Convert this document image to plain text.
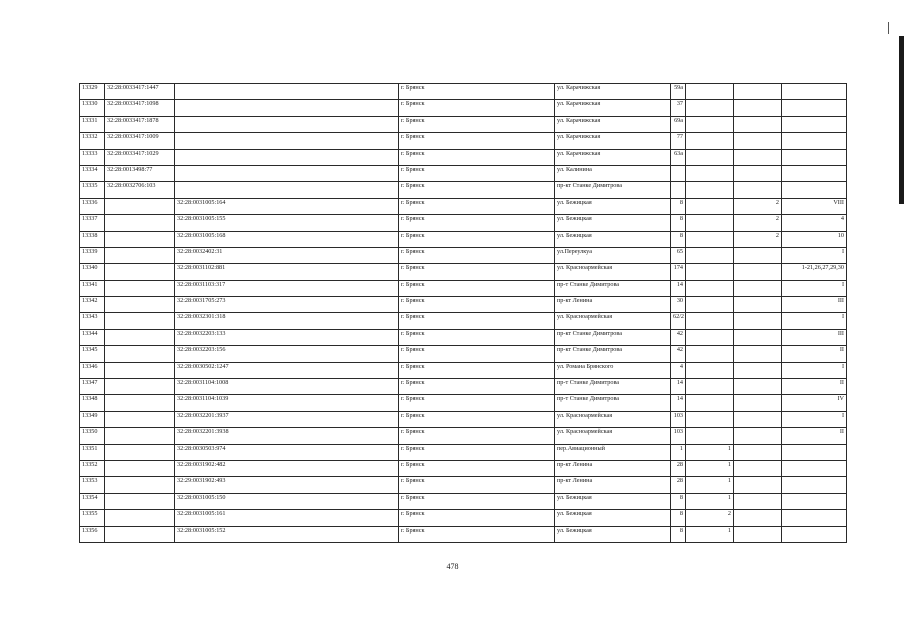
13329	32:28:0033417:1447		г. Брянск	ул. Карачижская	59а			
13330	32:28:0033417:1098		г. Брянск	ул. Карачижская	37			
13331	32:28:0033417:1878		г. Брянск	ул. Карачижская	69а			
13332	32:28:0033417:1009		г. Брянск	ул. Карачижская	77			
13333	32:28:0033417:1029		г. Брянск	ул. Карачижская	63а			
13334	32:28:0013498:77		г. Брянск	ул. Калинина				
13335	32:28:0032706:103		г. Брянск	пр-кт Станке Димитрова				
13336		32:28:0031005:164	г. Брянск	ул. Бежицкая	8		2	VIII
13337		32:28:0031005:155	г. Брянск	ул. Бежицкая	8		2	4
13338		32:28:0031005:168	г. Брянск	ул. Бежицкая	8		2	10
13339		32:28:0032402:31	г. Брянск	ул.Переулкуа	65			I
13340		32:28:0031102:881	г. Брянск	ул. Красноармейская	174			1-21,26,27,29,30
13341		32:28:0031103:317	г. Брянск	пр-т Станке Димитрова	14			I
13342		32:28:0031705:273	г. Брянск	пр-кт Ленина	30			III
13343		32:28:0032301:318	г. Брянск	ул. Красноармейская	62/2			I
13344		32:28:0032203:133	г. Брянск	пр-кт Станке Димитрова	42			III
13345		32:28:0032203:156	г. Брянск	пр-кт Станке Димитрова	42			II
13346		32:28:0030502:1247	г. Брянск	ул. Романа Брянского	4			I
13347		32:28:0031104:1008	г. Брянск	пр-т Станке Димитрова	14			II
13348		32:28:0031104:1039	г. Брянск	пр-т Станке Димитрова	14			IV
13349		32:28:0032201:3937	г. Брянск	ул. Красноармейская	103			I
13350		32:28:0032201:3938	г. Брянск	ул. Красноармейская	103			II
13351		32:28:0030503:974	г. Брянск	пер.Авиационный	1	1		
13352		32:28:0031902:482	г. Брянск	пр-кт Ленина	28	1		
13353		32:29:0031902:493	г. Брянск	пр-кт Ленина	28	1		
13354		32:28:0031005:150	г. Брянск	ул. Бежицкая	8	1		
13355		32:28:0031005:161	г. Брянск	ул. Бежицкая	8	2		
13356		32:28:0031005:152	г. Брянск	ул. Бежицкая	8	1		
478
